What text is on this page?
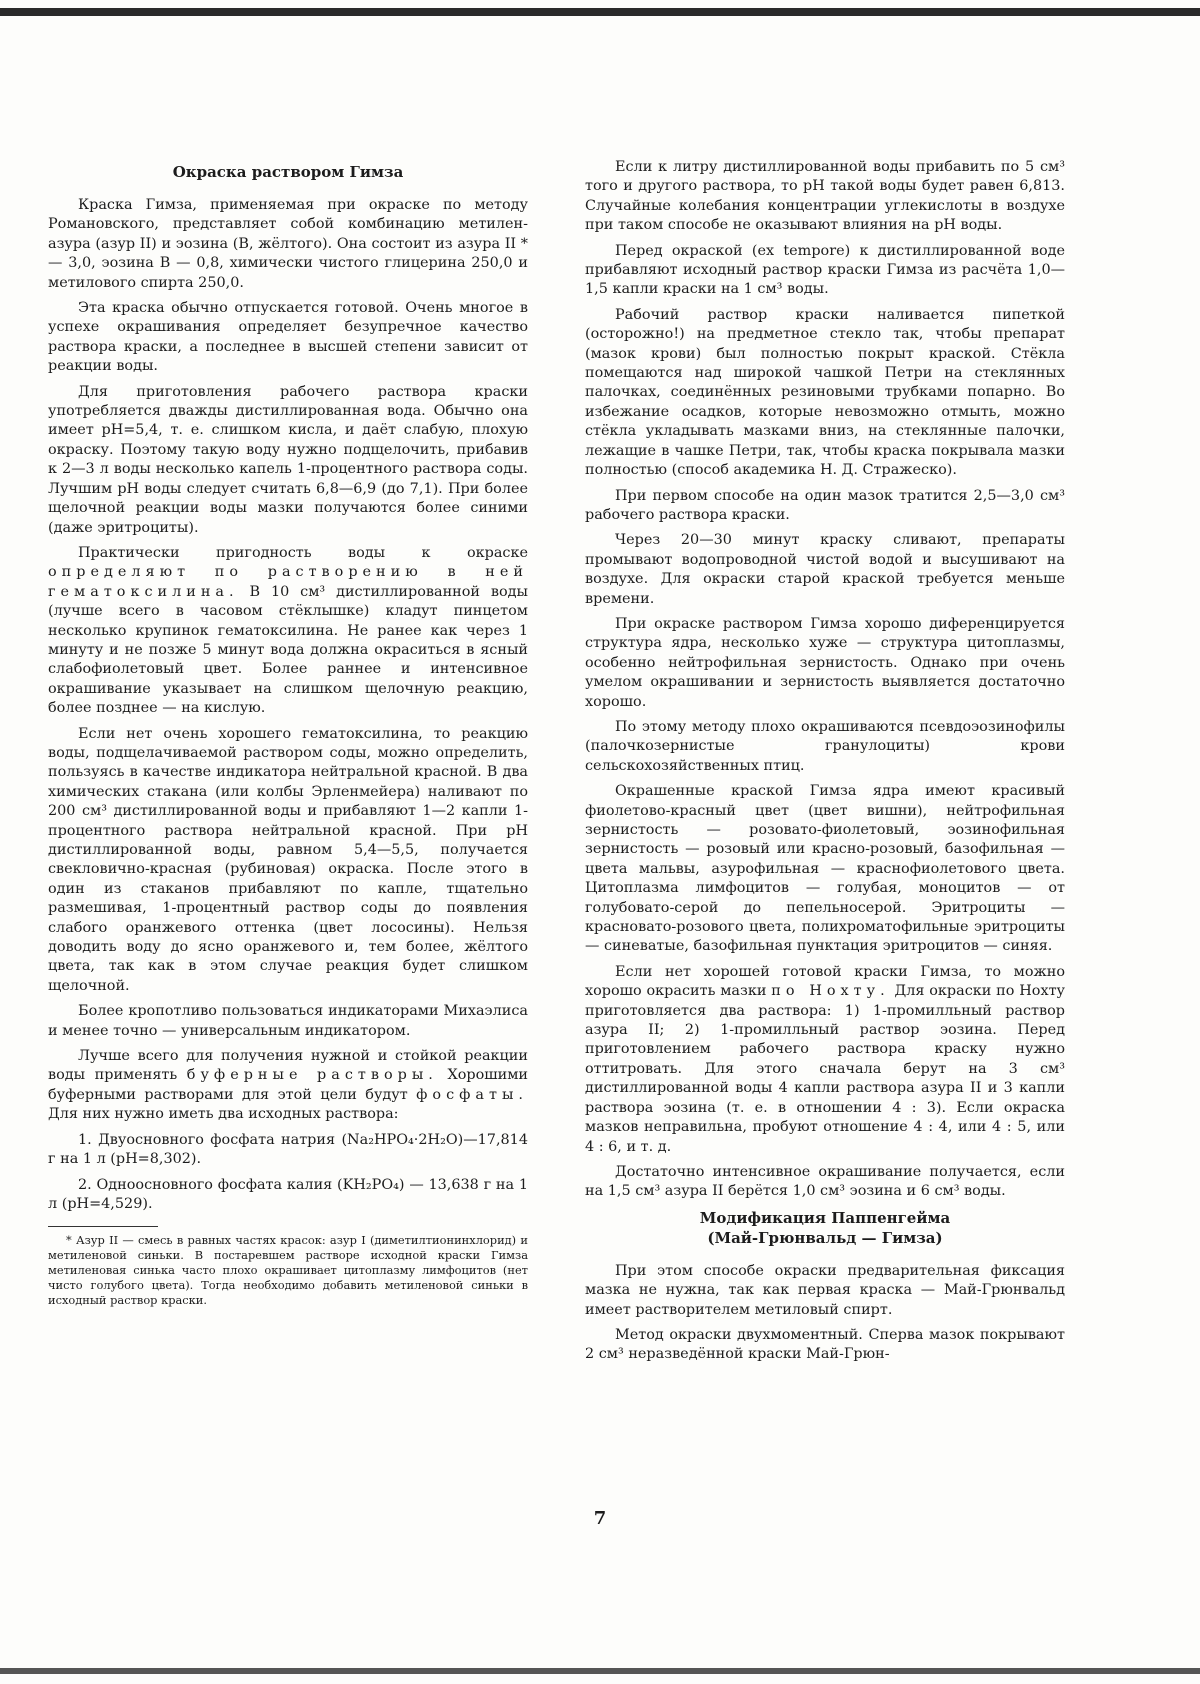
Окраска раствором Гимза

Краска Гимза, применяемая при окраске по методу Романовского, представляет собой комбинацию метилен-азура (азур II) и эозина (В, жёлтого). Она состоит из азура II * — 3,0, эозина В — 0,8, химически чистого глицерина 250,0 и метилового спирта 250,0.

Эта краска обычно отпускается готовой. Очень многое в успехе окрашивания определяет безупречное качество раствора краски, а последнее в высшей степени зависит от реакции воды.

Для приготовления рабочего раствора краски употребляется дважды дистиллированная вода. Обычно она имеет pH=5,4, т. е. слишком кисла, и даёт слабую, плохую окраску. Поэтому такую воду нужно подщелочить, прибавив к 2—3 л воды несколько капель 1-процентного раствора соды. Лучшим pH воды следует считать 6,8—6,9 (до 7,1). При более щелочной реакции воды мазки получаются более синими (даже эритроциты).

Практически пригодность воды к окраске определяют по растворению в ней гематоксилина. В 10 см³ дистиллированной воды (лучше всего в часовом стёклышке) кладут пинцетом несколько крупинок гематоксилина. Не ранее как через 1 минуту и не позже 5 минут вода должна окраситься в ясный слабофиолетовый цвет. Более раннее и интенсивное окрашивание указывает на слишком щелочную реакцию, более позднее — на кислую.

Если нет очень хорошего гематоксилина, то реакцию воды, подщелачиваемой раствором соды, можно определить, пользуясь в качестве индикатора нейтральной красной. В два химических стакана (или колбы Эрленмейера) наливают по 200 см³ дистиллированной воды и прибавляют 1—2 капли 1-процентного раствора нейтральной красной. При pH дистиллированной воды, равном 5,4—5,5, получается свекловично-красная (рубиновая) окраска. После этого в один из стаканов прибавляют по капле, тщательно размешивая, 1-процентный раствор соды до появления слабого оранжевого оттенка (цвет лососины). Нельзя доводить воду до ясно оранжевого и, тем более, жёлтого цвета, так как в этом случае реакция будет слишком щелочной.

Более кропотливо пользоваться индикаторами Михаэлиса и менее точно — универсальным индикатором.

Лучше всего для получения нужной и стойкой реакции воды применять буферные растворы. Хорошими буферными растворами для этой цели будут фосфаты. Для них нужно иметь два исходных раствора:

1. Двуосновного фосфата натрия (Na₂HPO₄·2H₂O)—17,814 г на 1 л (pH=8,302).

2. Одноосновного фосфата калия (KH₂PO₄) — 13,638 г на 1 л (pH=4,529).

* Азур II — смесь в равных частях красок: азур I (диметилтионинхлорид) и метиленовой синьки. В постаревшем растворе исходной краски Гимза метиленовая синька часто плохо окрашивает цитоплазму лимфоцитов (нет чисто голубого цвета). Тогда необходимо добавить метиленовой синьки в исходный раствор краски.

Если к литру дистиллированной воды прибавить по 5 см³ того и другого раствора, то pH такой воды будет равен 6,813. Случайные колебания концентрации углекислоты в воздухе при таком способе не оказывают влияния на pH воды.

Перед окраской (ex tempore) к дистиллированной воде прибавляют исходный раствор краски Гимза из расчёта 1,0—1,5 капли краски на 1 см³ воды.

Рабочий раствор краски наливается пипеткой (осторожно!) на предметное стекло так, чтобы препарат (мазок крови) был полностью покрыт краской. Стёкла помещаются над широкой чашкой Петри на стеклянных палочках, соединённых резиновыми трубками попарно. Во избежание осадков, которые невозможно отмыть, можно стёкла укладывать мазками вниз, на стеклянные палочки, лежащие в чашке Петри, так, чтобы краска покрывала мазки полностью (способ академика Н. Д. Стражеско).

При первом способе на один мазок тратится 2,5—3,0 см³ рабочего раствора краски.

Через 20—30 минут краску сливают, препараты промывают водопроводной чистой водой и высушивают на воздухе. Для окраски старой краской требуется меньше времени.

При окраске раствором Гимза хорошо диференцируется структура ядра, несколько хуже — структура цитоплазмы, особенно нейтрофильная зернистость. Однако при очень умелом окрашивании и зернистость выявляется достаточно хорошо.

По этому методу плохо окрашиваются псевдоэозинофилы (палочкозернистые гранулоциты) крови сельскохозяйственных птиц.

Окрашенные краской Гимза ядра имеют красивый фиолетово-красный цвет (цвет вишни), нейтрофильная зернистость — розовато-фиолетовый, эозинофильная зернистость — розовый или красно-розовый, базофильная — цвета мальвы, азурофильная — краснофиолетового цвета. Цитоплазма лимфоцитов — голубая, моноцитов — от голубовато-серой до пепельносерой. Эритроциты — красновато-розового цвета, полихроматофильные эритроциты — синеватые, базофильная пунктация эритроцитов — синяя.

Если нет хорошей готовой краски Гимза, то можно хорошо окрасить мазки по Нохту. Для окраски по Нохту приготовляется два раствора: 1) 1-промилльный раствор азура II; 2) 1-промилльный раствор эозина. Перед приготовлением рабочего раствора краску нужно оттитровать. Для этого сначала берут на 3 см³ дистиллированной воды 4 капли раствора азура II и 3 капли раствора эозина (т. е. в отношении 4 : 3). Если окраска мазков неправильна, пробуют отношение 4 : 4, или 4 : 5, или 4 : 6, и т. д.

Достаточно интенсивное окрашивание получается, если на 1,5 см³ азура II берётся 1,0 см³ эозина и 6 см³ воды.

Модификация Паппенгейма
(Май-Грюнвальд — Гимза)

При этом способе окраски предварительная фиксация мазка не нужна, так как первая краска — Май-Грюнвальд имеет растворителем метиловый спирт.

Метод окраски двухмоментный. Сперва мазок покрывают 2 см³ неразведённой краски Май-Грюн-

7
